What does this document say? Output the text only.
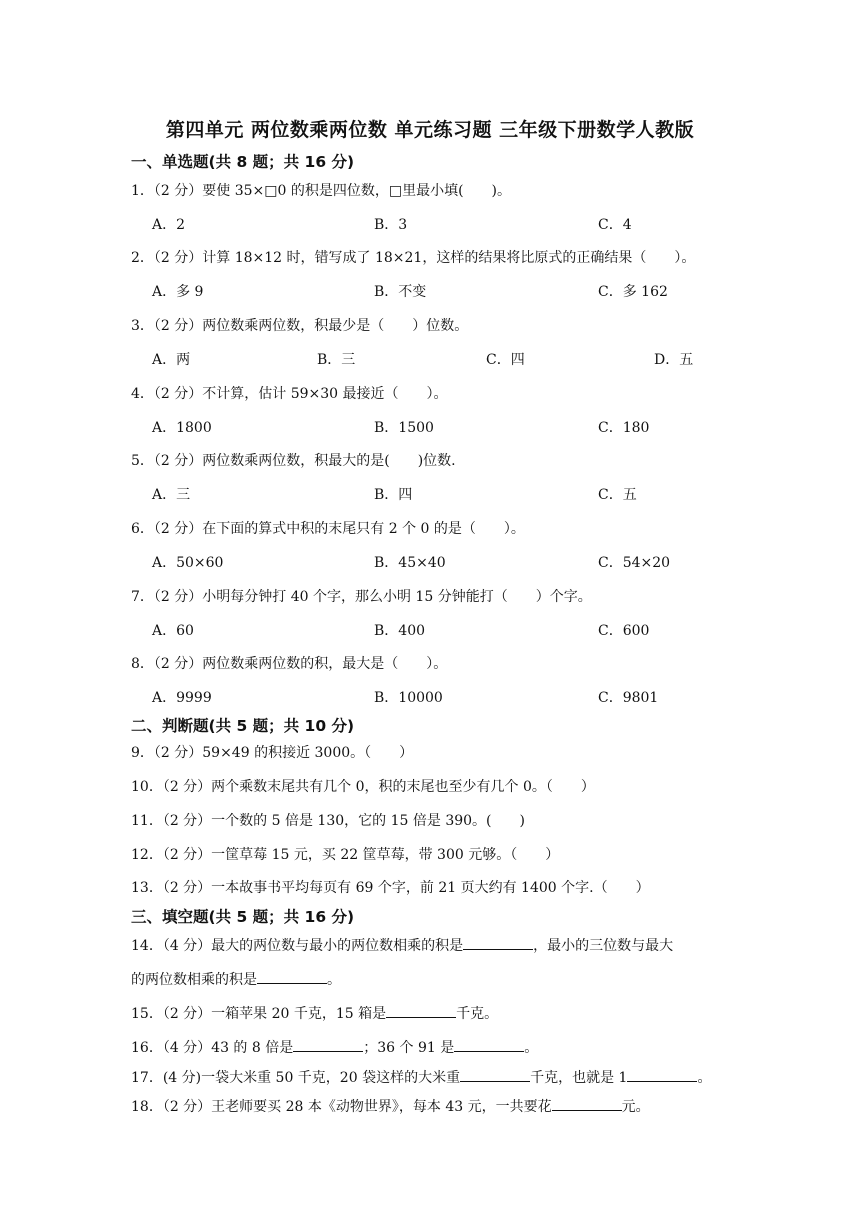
第四单元 两位数乘两位数 单元练习题 三年级下册数学人教版
一、单选题(共 8 题；共 16 分)
1．（2 分）要使 35×□0 的积是四位数，□里最小填(　　)。
A．2	B．3	C．4
2．（2 分）计算 18×12 时，错写成了 18×21，这样的结果将比原式的正确结果（　　）。
A．多 9	B．不变	C．多 162
3．（2 分）两位数乘两位数，积最少是（　　）位数。
A．两	B．三	C．四	D．五
4．（2 分）不计算，估计 59×30 最接近（　　）。
A．1800	B．1500	C．180
5．（2 分）两位数乘两位数，积最大的是(　　)位数.
A．三	B．四	C．五
6．（2 分）在下面的算式中积的末尾只有 2 个 0 的是（　　）。
A．50×60	B．45×40	C．54×20
7．（2 分）小明每分钟打 40 个字，那么小明 15 分钟能打（　　）个字。
A．60	B．400	C．600
8．（2 分）两位数乘两位数的积，最大是（　　）。
A．9999	B．10000	C．9801
二、判断题(共 5 题；共 10 分)
9．（2 分）59×49 的积接近 3000。（　　）
10．（2 分）两个乘数末尾共有几个 0，积的末尾也至少有几个 0。（　　）
11．（2 分）一个数的 5 倍是 130，它的 15 倍是 390。(　　)
12．（2 分）一筐草莓 15 元，买 22 筐草莓，带 300 元够。（　　）
13．（2 分）一本故事书平均每页有 69 个字，前 21 页大约有 1400 个字.（　　）
三、填空题(共 5 题；共 16 分)
14．（4 分）最大的两位数与最小的两位数相乘的积是	，最小的三位数与最大
的两位数相乘的积是	。
15．（2 分）一箱苹果 20 千克，15 箱是	千克。
16．（4 分）43 的 8 倍是	；36 个 91 是	。
17．(4 分)一袋大米重 50 千克，20 袋这样的大米重	千克，也就是 1	。
18．（2 分）王老师要买 28 本《动物世界》，每本 43 元，一共要花	元。
